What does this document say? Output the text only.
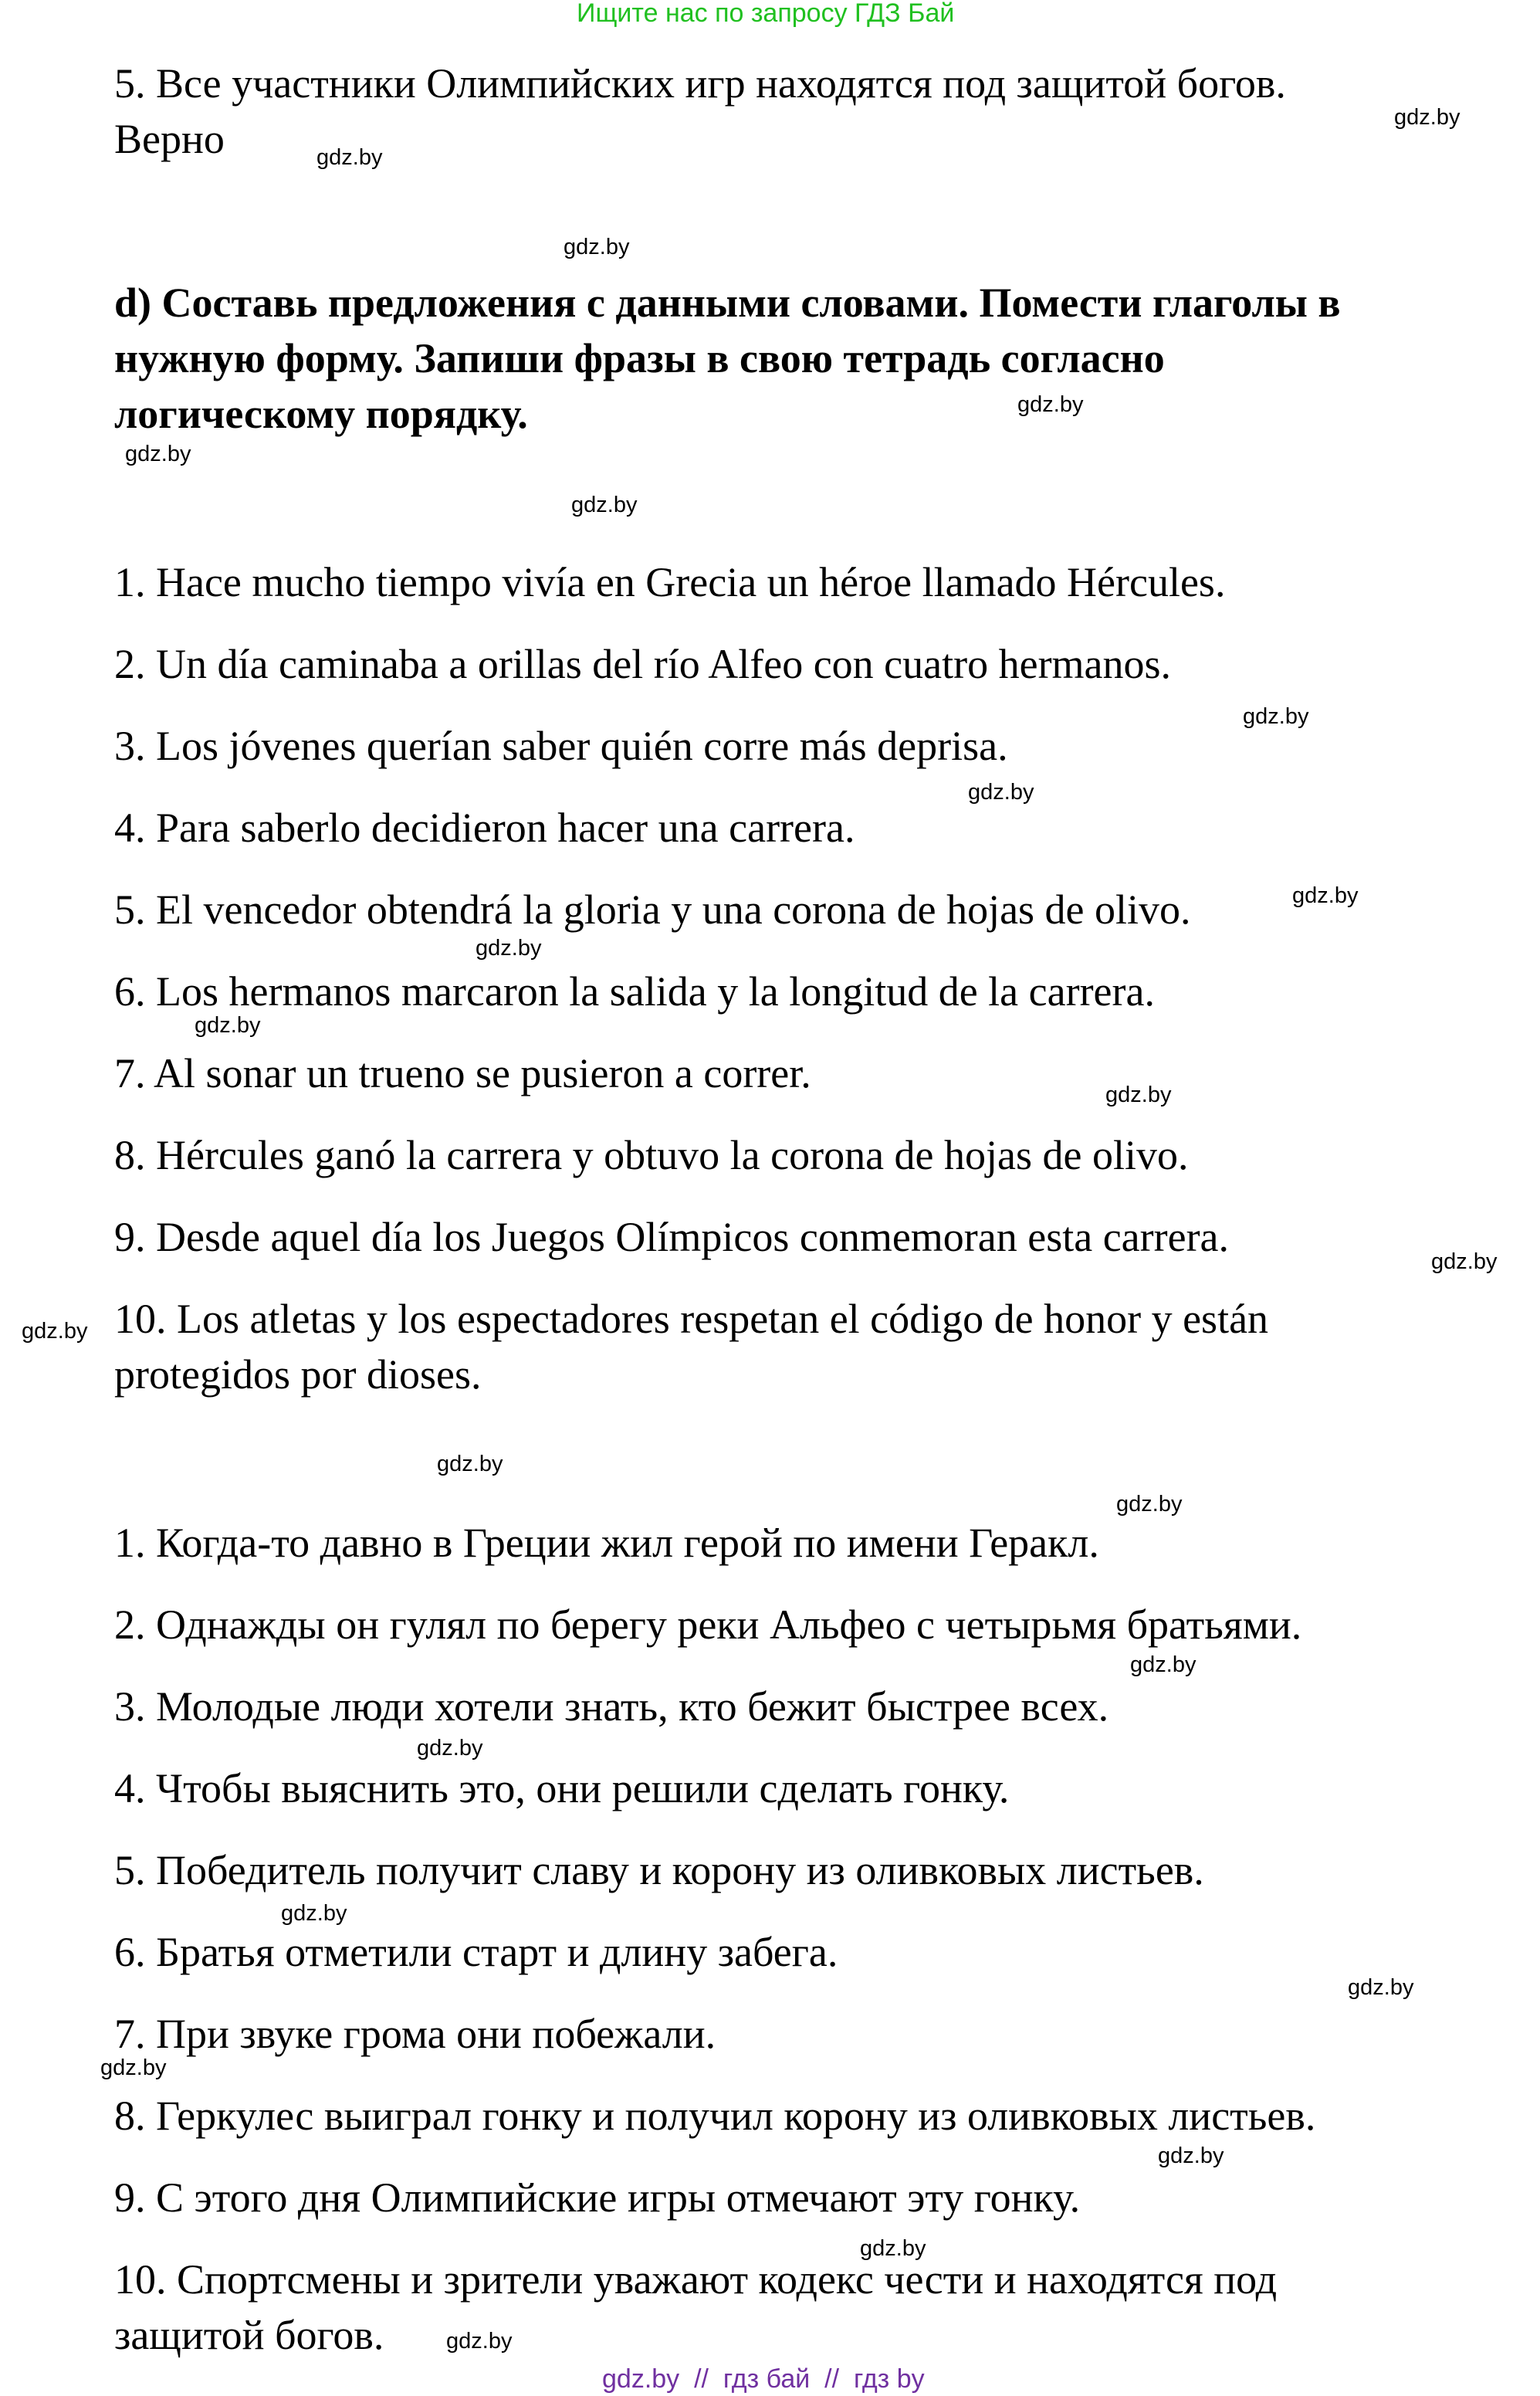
Ищите нас по запросу ГДЗ Бай
5. Все участники Олимпийских игр находятся под защитой богов.
Верно
d) Составь предложения с данными словами. Помести глаголы в
нужную форму. Запиши фразы в свою тетрадь согласно
логическому порядку.
1. Hace mucho tiempo vivía en Grecia un héroe llamado Hércules.
2. Un día caminaba a orillas del río Alfeo con cuatro hermanos.
3. Los jóvenes querían saber quién corre más deprisa.
4. Para saberlo decidieron hacer una carrera.
5. El vencedor obtendrá la gloria y una corona de hojas de olivo.
6. Los hermanos marcaron la salida y la longitud de la carrera.
7. Al sonar un trueno se pusieron a correr.
8. Hércules ganó la carrera y obtuvo la corona de hojas de olivo.
9. Desde aquel día los Juegos Olímpicos conmemoran esta carrera.
10. Los atletas y los espectadores respetan el código de honor y están
protegidos por dioses.
1. Когда-то давно в Греции жил герой по имени Геракл.
2. Однажды он гулял по берегу реки Альфео с четырьмя братьями.
3. Молодые люди хотели знать, кто бежит быстрее всех.
4. Чтобы выяснить это, они решили сделать гонку.
5. Победитель получит славу и корону из оливковых листьев.
6. Братья отметили старт и длину забега.
7. При звуке грома они побежали.
8. Геркулес выиграл гонку и получил корону из оливковых листьев.
9. С этого дня Олимпийские игры отмечают эту гонку.
10. Спортсмены и зрители уважают кодекс чести и находятся под
защитой богов.
gdz.by
gdz.by
gdz.by
gdz.by
gdz.by
gdz.by
gdz.by
gdz.by
gdz.by
gdz.by
gdz.by
gdz.by
gdz.by
gdz.by
gdz.by
gdz.by
gdz.by
gdz.by
gdz.by
gdz.by
gdz.by
gdz.by
gdz.by
gdz.by
gdz.by // гдз бай // гдз by
